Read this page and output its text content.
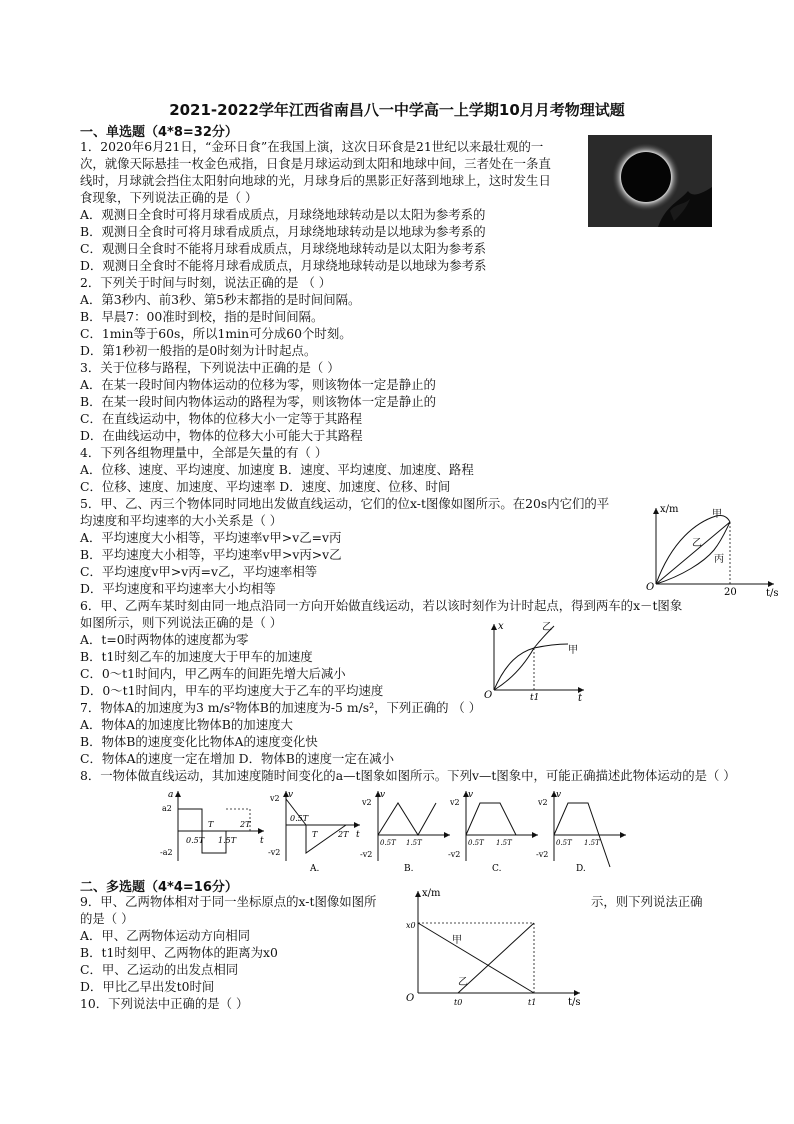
2021-2022学年江西省南昌八一中学高一上学期10月月考物理试题
一、单选题（4*8=32分）
1．2020年6月21日，“金环日食”在我国上演，这次日环食是21世纪以来最壮观的一
次，就像天际悬挂一枚金色戒指，日食是月球运动到太阳和地球中间，三者处在一条直
线时，月球就会挡住太阳射向地球的光，月球身后的黑影正好落到地球上，这时发生日
食现象，下列说法正确的是（ ）
A．观测日全食时可将月球看成质点，月球绕地球转动是以太阳为参考系的
B．观测日全食时可将月球看成质点，月球绕地球转动是以地球为参考系的
C．观测日全食时不能将月球看成质点，月球绕地球转动是以太阳为参考系
D．观测日全食时不能将月球看成质点，月球绕地球转动是以地球为参考系
2．下列关于时间与时刻，说法正确的是 （ ）
A．第3秒内、前3秒、第5秒末都指的是时间间隔。
B．早晨7：00准时到校，指的是时间间隔。
C．1min等于60s，所以1min可分成60个时刻。
D．第1秒初一般指的是0时刻为计时起点。
3．关于位移与路程，下列说法中正确的是（ ）
A．在某一段时间内物体运动的位移为零，则该物体一定是静止的
B．在某一段时间内物体运动的路程为零，则该物体一定是静止的
C．在直线运动中，物体的位移大小一定等于其路程
D．在曲线运动中，物体的位移大小可能大于其路程
4．下列各组物理量中，全部是矢量的有（ ）
A．位移、速度、平均速度、加速度 B．速度、平均速度、加速度、路程
C．位移、速度、加速度、平均速率 D．速度、加速度、位移、时间
5．甲、乙、丙三个物体同时同地出发做直线运动，它们的位x-t图像如图所示。在20s内它们的平
均速度和平均速率的大小关系是（ ）
A．平均速度大小相等，平均速率v甲>v乙=v丙
B．平均速度大小相等，平均速率v甲>v丙>v乙
C．平均速度v甲>v丙=v乙，平均速率相等
D．平均速度和平均速率大小均相等
x/m
t/s
O	20
甲
乙
丙
6．甲、乙两车某时刻由同一地点沿同一方向开始做直线运动，若以该时刻作为计时起点，得到两车的x－t图象
如图所示，则下列说法正确的是（ ）
A．t=0时两物体的速度都为零
B．t1时刻乙车的加速度大于甲车的加速度
C．0～t1时间内，甲乙两车的间距先增大后减小
D．0～t1时间内，甲车的平均速度大于乙车的平均速度
x
t
O	t1
甲
乙
7．物体A的加速度为3 m/s²物体B的加速度为-5 m/s²，下列正确的 （ ）
A．物体A的加速度比物体B的加速度大
B．物体B的速度变化比物体A的速度变化快
C．物体A的速度一定在增加 D．物体B的速度一定在减小
8．一物体做直线运动，其加速度随时间变化的a—t图象如图所示。下列v—t图象中，可能正确描述此物体运动的是（ ）
a
a2
-a2
t
T	2T
0.5T 1.5T
v
v2
-v2
t
0.5T
T	2T
A.
v
v2
-v2
0.5T 1.5T
B.
v
v2
-v2
0.5T 1.5T
C.
v
v2
-v2
0.5T 1.5T
D.
二、多选题（4*4=16分）
9．甲、乙两物体相对于同一坐标原点的x-t图像如图所	示，则下列说法正确
的是（ ）
A．甲、乙两物体运动方向相同
B．t1时刻甲、乙两物体的距离为x0
C．甲、乙运动的出发点相同
D．甲比乙早出发t0时间
10．下列说法中正确的是（ ）
x/m
t/s
O
x0
t0	t1
甲
乙
